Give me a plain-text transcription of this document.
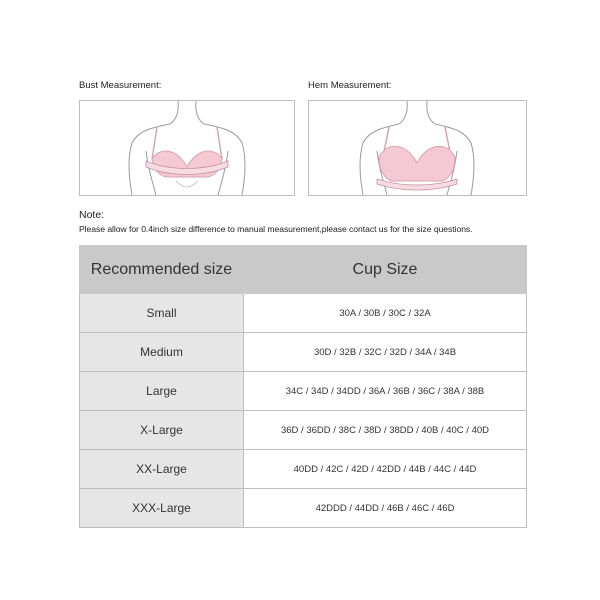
Bust Measurement:	Hem Measurement:
Note:
Please allow for 0.4inch size difference to manual measurement,please contact us for the size questions.
Recommended size	Cup Size
Small	30A / 30B / 30C / 32A
Medium	30D / 32B / 32C / 32D / 34A / 34B
Large	34C / 34D / 34DD / 36A / 36B / 36C / 38A / 38B
X-Large	36D / 36DD / 38C / 38D / 38DD / 40B / 40C / 40D
XX-Large	40DD / 42C / 42D / 42DD / 44B / 44C / 44D
XXX-Large	42DDD / 44DD / 46B / 46C / 46D
